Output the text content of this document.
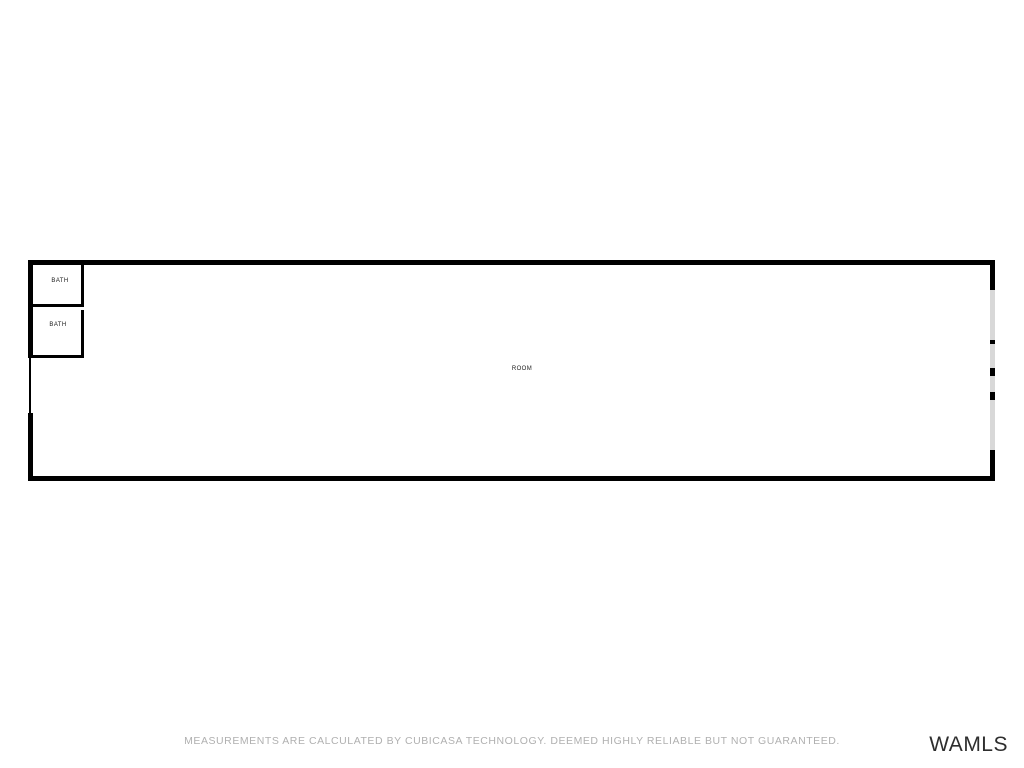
BATH
BATH
ROOM
MEASUREMENTS ARE CALCULATED BY CUBICASA TECHNOLOGY. DEEMED HIGHLY RELIABLE BUT NOT GUARANTEED.	WAMLS
